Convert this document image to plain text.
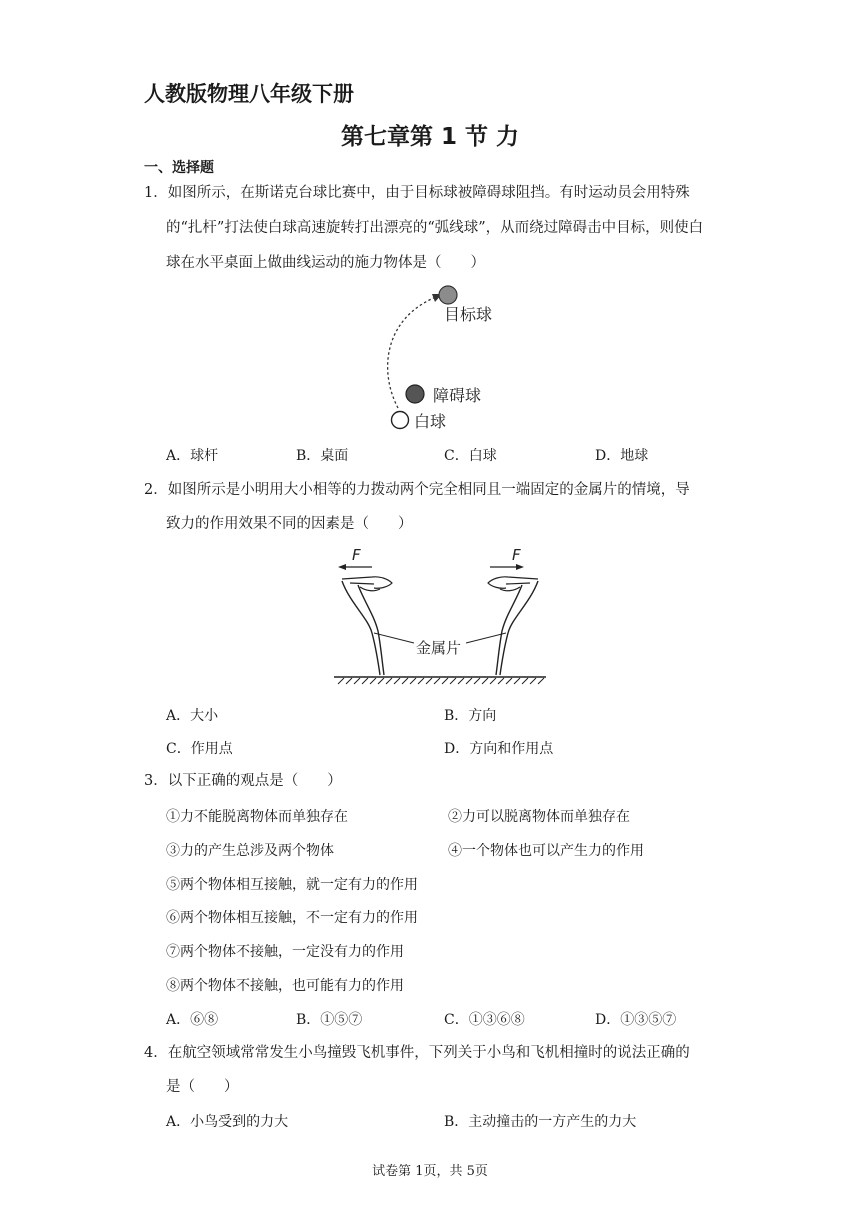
人教版物理八年级下册
第七章第 1 节 力
一、选择题
1．如图所示，在斯诺克台球比赛中，由于目标球被障碍球阻挡。有时运动员会用特殊
的“扎杆”打法使白球高速旋转打出漂亮的“弧线球”，从而绕过障碍击中目标，则使白
球在水平桌面上做曲线运动的施力物体是（　　）
目标球
障碍球
白球
A．球杆	B．桌面	C．白球	D．地球
2．如图所示是小明用大小相等的力拨动两个完全相同且一端固定的金属片的情境，导
致力的作用效果不同的因素是（　　）
F	F
金属片
A．大小	B．方向
C．作用点	D．方向和作用点
3．以下正确的观点是（　　）
①力不能脱离物体而单独存在	②力可以脱离物体而单独存在
③力的产生总涉及两个物体	④一个物体也可以产生力的作用
⑤两个物体相互接触，就一定有力的作用
⑥两个物体相互接触，不一定有力的作用
⑦两个物体不接触，一定没有力的作用
⑧两个物体不接触，也可能有力的作用
A．⑥⑧	B．①⑤⑦	C．①③⑥⑧	D．①③⑤⑦
4．在航空领域常常发生小鸟撞毁飞机事件，下列关于小鸟和飞机相撞时的说法正确的
是（　　）
A．小鸟受到的力大	B．主动撞击的一方产生的力大
试卷第 1页，共 5页
